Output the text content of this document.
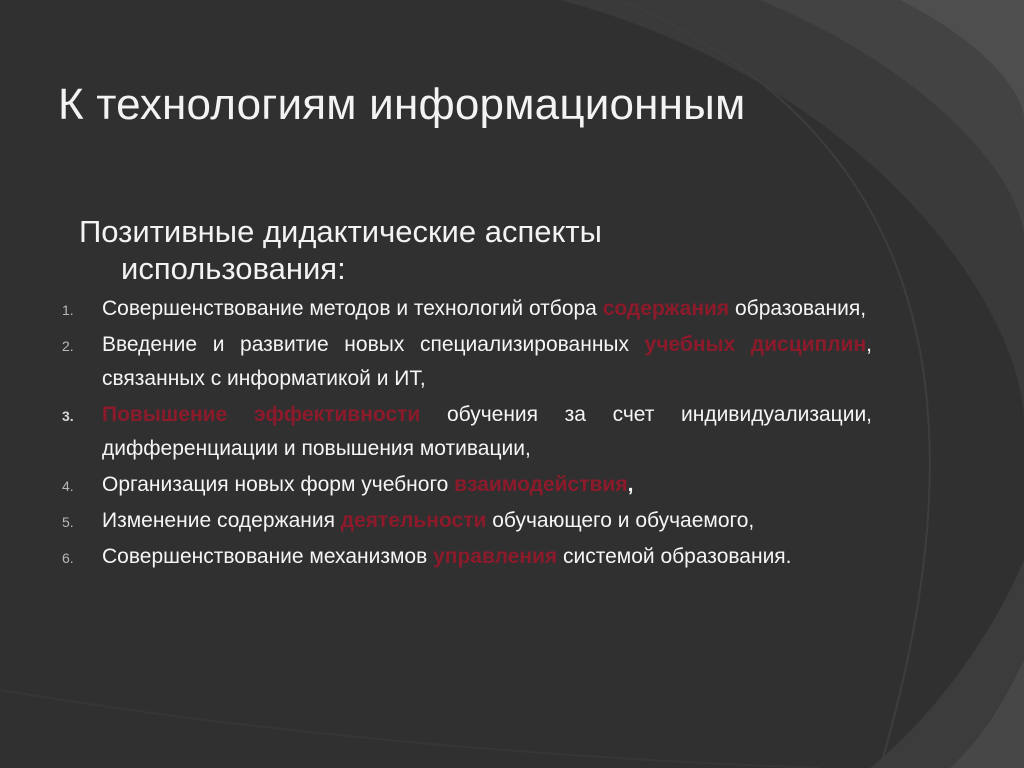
К технологиям информационным
Позитивные дидактические аспекты
использования:
1. Совершенствование методов и технологий отбора содержания образования,
2. Введение и развитие новых специализированных учебных дисциплин, связанных с информатикой и ИТ,
3. Повышение эффективности обучения за счет индивидуализации, дифференциации и повышения мотивации,
4. Организация новых форм учебного взаимодействия,
5. Изменение содержания деятельности обучающего и обучаемого,
6. Совершенствование механизмов управления системой образования.
